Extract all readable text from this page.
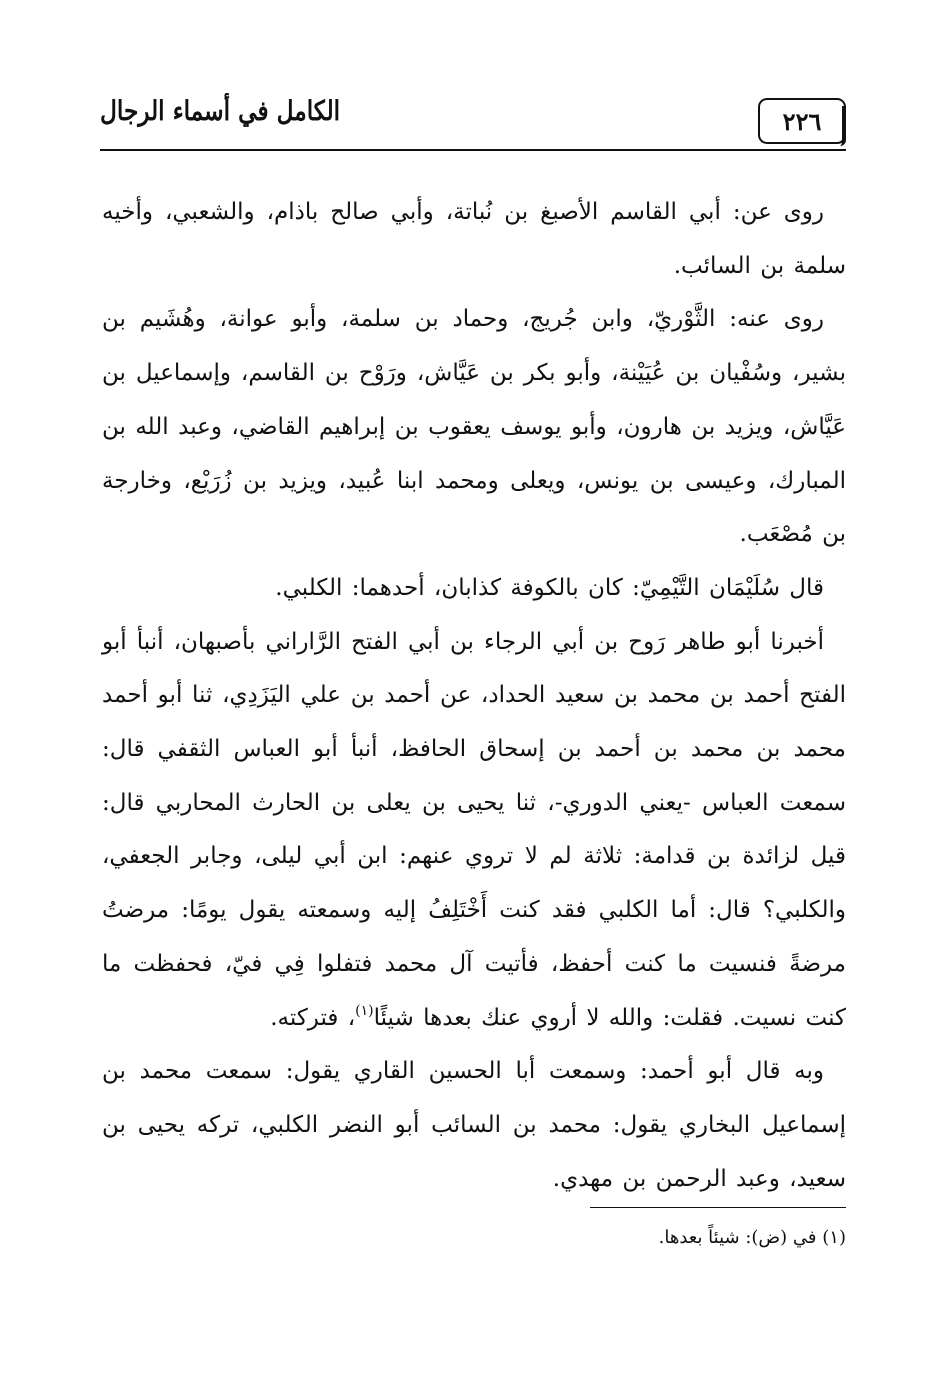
٢٢٦
الكامل في أسماء الرجال

روى عن: أبي القاسم الأصبغ بن نُباتة، وأبي صالح باذام، والشعبي، وأخيه سلمة بن السائب.

روى عنه: الثَّوْريّ، وابن جُريج، وحماد بن سلمة، وأبو عوانة، وهُشَيم بن بشير، وسُفْيان بن عُيَيْنة، وأبو بكر بن عَيَّاش، ورَوْح بن القاسم، وإسماعيل بن عَيَّاش، ويزيد بن هارون، وأبو يوسف يعقوب بن إبراهيم القاضي، وعبد الله بن المبارك، وعيسى بن يونس، ويعلى ومحمد ابنا عُبيد، ويزيد بن زُرَيْع، وخارجة بن مُصْعَب.

قال سُلَيْمَان التَّيْمِيّ: كان بالكوفة كذابان، أحدهما: الكلبي.

أخبرنا أبو طاهر رَوح بن أبي الرجاء بن أبي الفتح الرَّاراني بأصبهان، أنبأ أبو الفتح أحمد بن محمد بن سعيد الحداد، عن أحمد بن علي اليَزَدِي، ثنا أبو أحمد محمد بن محمد بن أحمد بن إسحاق الحافظ، أنبأ أبو العباس الثقفي قال: سمعت العباس -يعني الدوري-، ثنا يحيى بن يعلى بن الحارث المحاربي قال: قيل لزائدة بن قدامة: ثلاثة لم لا تروي عنهم: ابن أبي ليلى، وجابر الجعفي، والكلبي؟ قال: أما الكلبي فقد كنت أَخْتَلِفُ إليه وسمعته يقول يومًا: مرضتُ مرضةً فنسيت ما كنت أحفظ، فأتيت آل محمد فتفلوا فِي فيّ، فحفظت ما كنت نسيت. فقلت: والله لا أروي عنك بعدها شيئًا$^{(١)}$، فتركته.

وبه قال أبو أحمد: وسمعت أبا الحسين القاري يقول: سمعت محمد بن إسماعيل البخاري يقول: محمد بن السائب أبو النضر الكلبي، تركه يحيى بن سعيد، وعبد الرحمن بن مهدي.

(١) في (ض): شيئاً بعدها.
